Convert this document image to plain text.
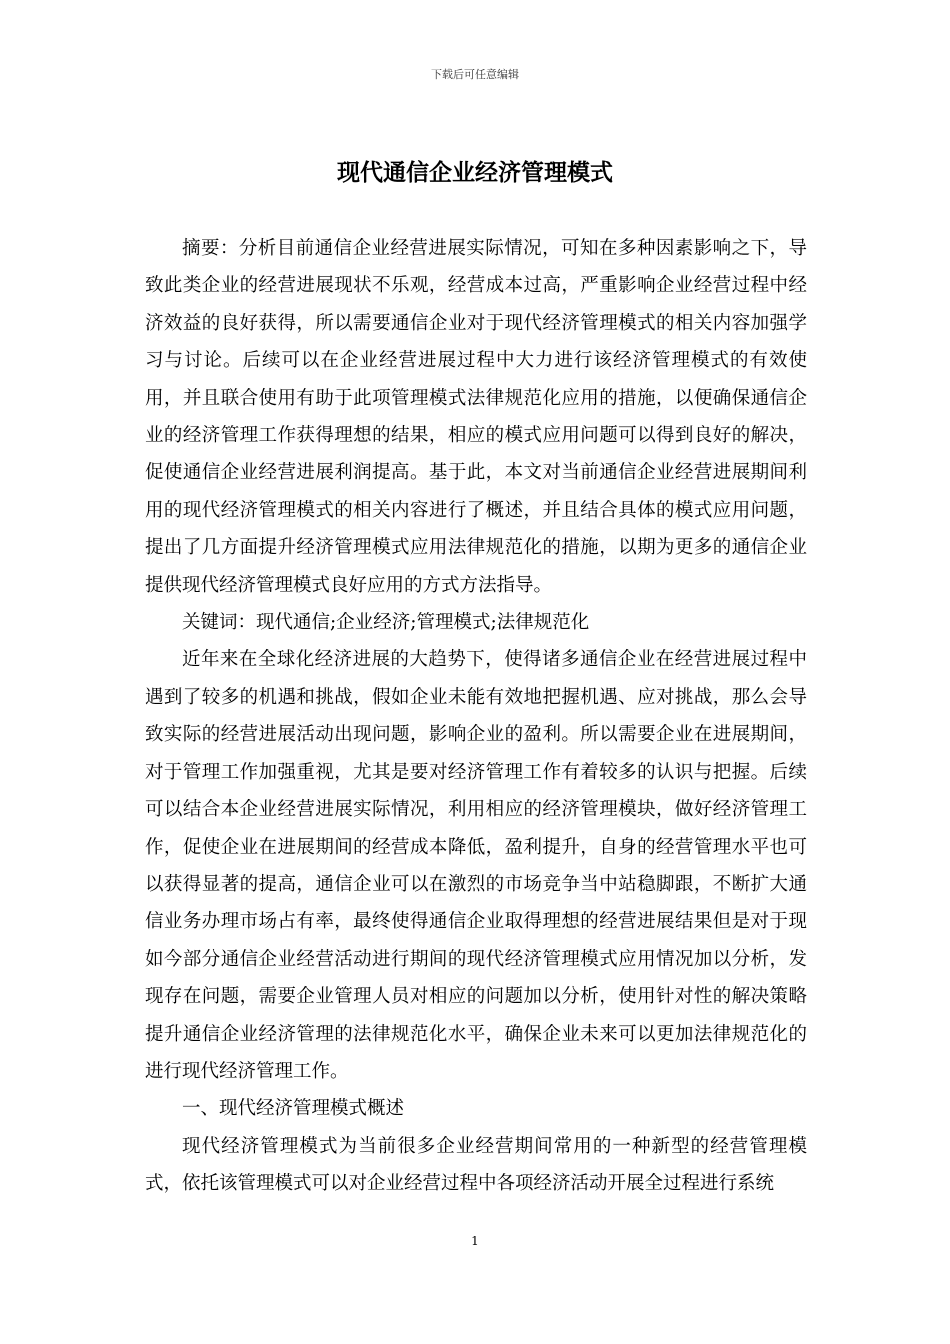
下载后可任意编辑
现代通信企业经济管理模式

摘要：分析目前通信企业经营进展实际情况，可知在多种因素影响之下，导致此类企业的经营进展现状不乐观，经营成本过高，严重影响企业经营过程中经济效益的良好获得，所以需要通信企业对于现代经济管理模式的相关内容加强学习与讨论。后续可以在企业经营进展过程中大力进行该经济管理模式的有效使用，并且联合使用有助于此项管理模式法律规范化应用的措施，以便确保通信企业的经济管理工作获得理想的结果，相应的模式应用问题可以得到良好的解决，促使通信企业经营进展利润提高。基于此，本文对当前通信企业经营进展期间利用的现代经济管理模式的相关内容进行了概述，并且结合具体的模式应用问题，提出了几方面提升经济管理模式应用法律规范化的措施，以期为更多的通信企业提供现代经济管理模式良好应用的方式方法指导。

关键词：现代通信;企业经济;管理模式;法律规范化

近年来在全球化经济进展的大趋势下，使得诸多通信企业在经营进展过程中遇到了较多的机遇和挑战，假如企业未能有效地把握机遇、应对挑战，那么会导致实际的经营进展活动出现问题，影响企业的盈利。所以需要企业在进展期间，对于管理工作加强重视，尤其是要对经济管理工作有着较多的认识与把握。后续可以结合本企业经营进展实际情况，利用相应的经济管理模块，做好经济管理工作，促使企业在进展期间的经营成本降低，盈利提升，自身的经营管理水平也可以获得显著的提高，通信企业可以在激烈的市场竞争当中站稳脚跟，不断扩大通信业务办理市场占有率，最终使得通信企业取得理想的经营进展结果但是对于现如今部分通信企业经营活动进行期间的现代经济管理模式应用情况加以分析，发现存在问题，需要企业管理人员对相应的问题加以分析，使用针对性的解决策略提升通信企业经济管理的法律规范化水平，确保企业未来可以更加法律规范化的进行现代经济管理工作。

一、现代经济管理模式概述

现代经济管理模式为当前很多企业经营期间常用的一种新型的经营管理模式，依托该管理模式可以对企业经营过程中各项经济活动开展全过程进行系统

1
